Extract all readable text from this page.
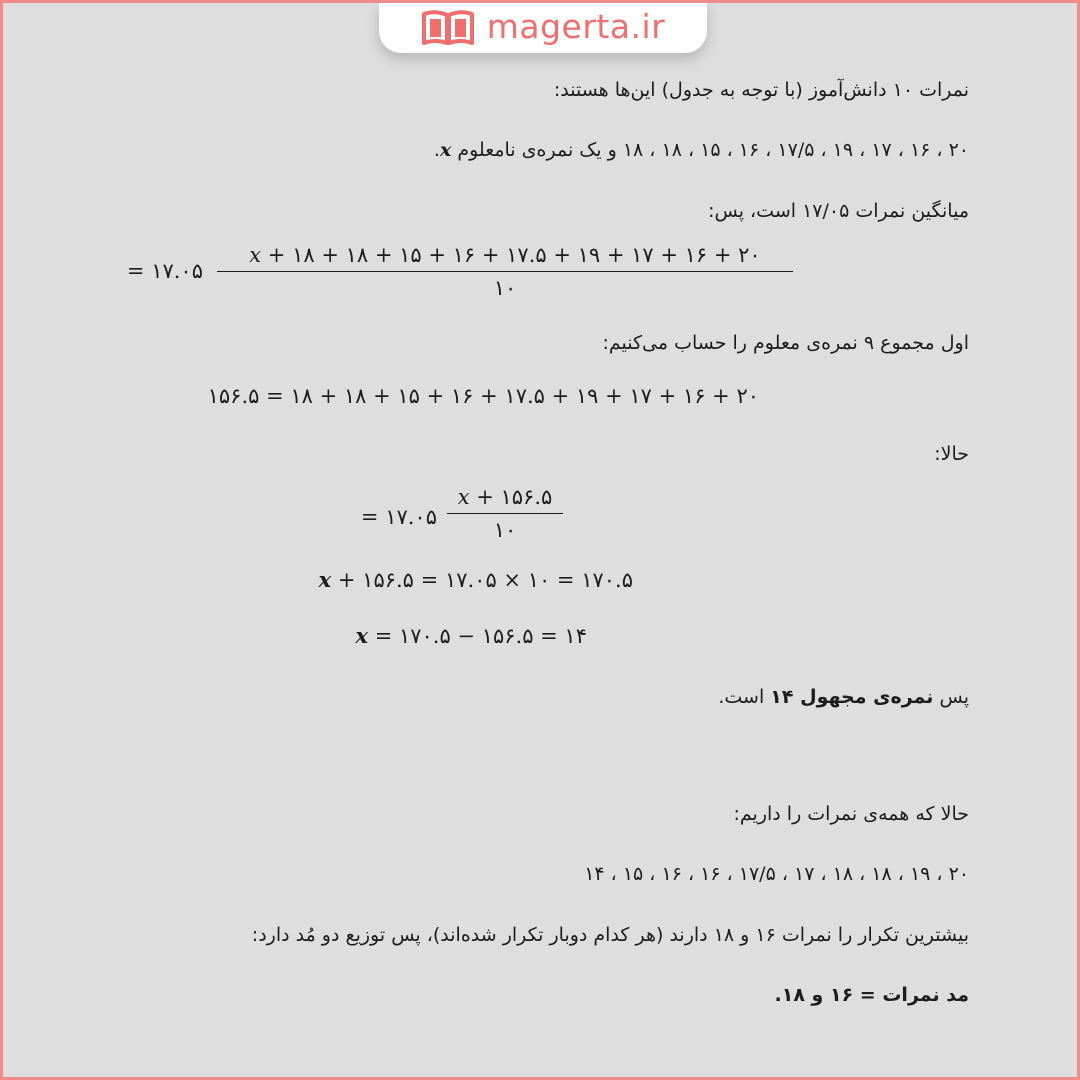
magerta.ir
نمرات ۱۰ دانش‌آموز (با توجه به جدول) این‌ها هستند:
۲۰ ، ۱۶ ، ۱۷ ، ۱۹ ، ۱۷/۵ ، ۱۶ ، ۱۵ ، ۱۸ ، ۱۸ و یک نمره‌ی نامعلوم x.
میانگین نمرات ۱۷/۰۵ است، پس:
۲۰ + ۱۶ + ۱۷ + ۱۹ + ۱۷.۵ + ۱۶ + ۱۵ + ۱۸ + ۱۸ + x
۱۰
۱۷.۰۵ =
اول مجموع ۹ نمره‌ی معلوم را حساب می‌کنیم:
۲۰ + ۱۶ + ۱۷ + ۱۹ + ۱۷.۵ + ۱۶ + ۱۵ + ۱۸ + ۱۸ = ۱۵۶.۵
حالا:
x + ۱۵۶.۵
۱۰
۱۷.۰۵ =
۱۷۰.۵ = ۱۰ × ۱۷.۰۵ = x + ۱۵۶.۵
x = ۱۷۰.۵ − ۱۵۶.۵ = ۱۴
پس نمره‌ی مجهول ۱۴ است.
حالا که همه‌ی نمرات را داریم:
۲۰ ، ۱۹ ، ۱۸ ، ۱۸ ، ۱۷ ، ۱۷/۵ ، ۱۶ ، ۱۶ ، ۱۵ ، ۱۴
بیشترین تکرار را نمرات ۱۶ و ۱۸ دارند (هر کدام دوبار تکرار شده‌اند)، پس توزیع دو مُد دارد:
مد نمرات = ۱۶ و ۱۸.
